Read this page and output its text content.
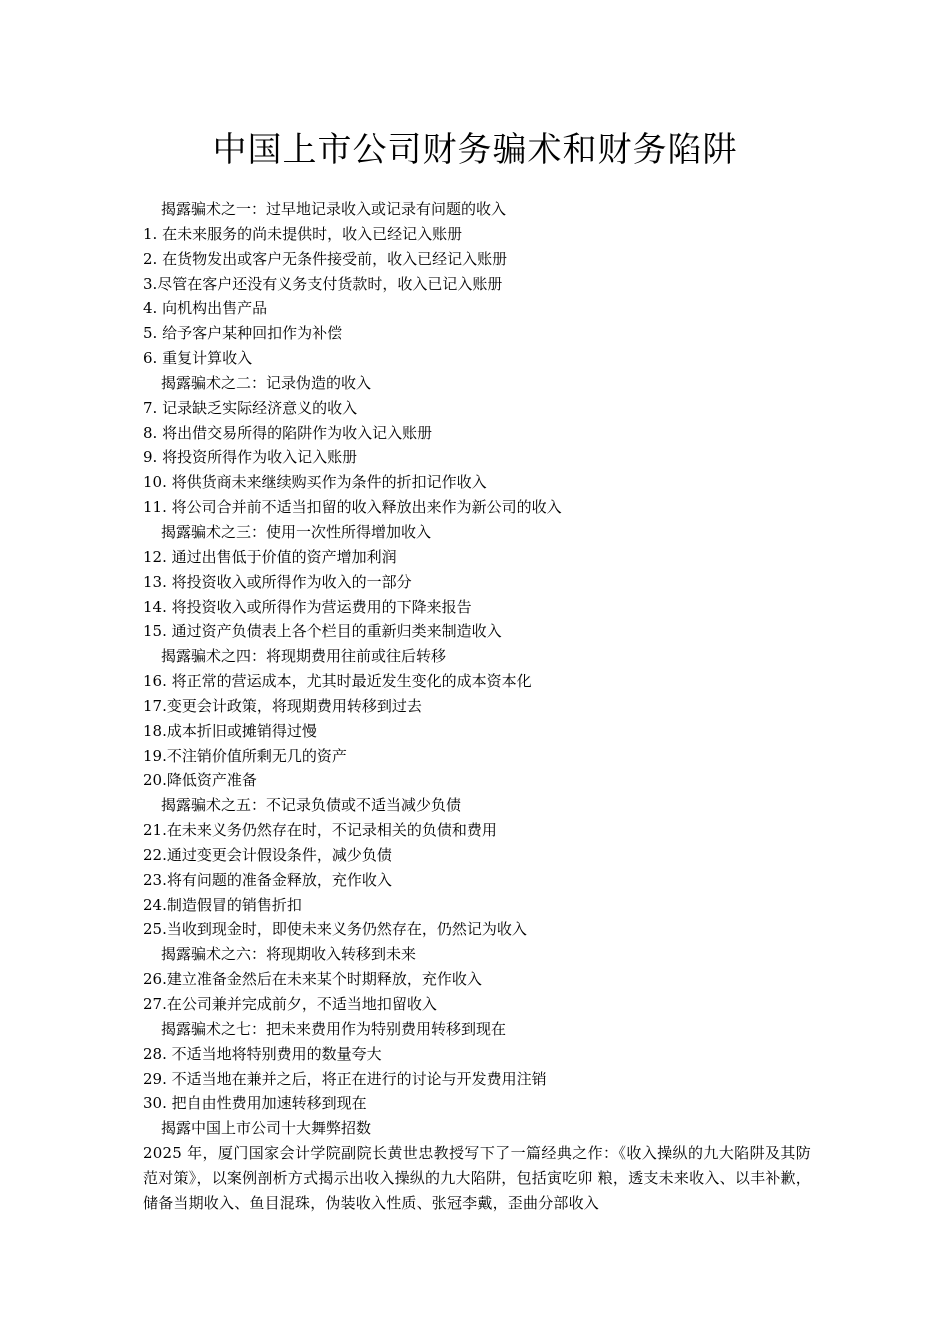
中国上市公司财务骗术和财务陷阱
揭露骗术之一：过早地记录收入或记录有问题的收入
1. 在未来服务的尚未提供时，收入已经记入账册
2. 在货物发出或客户无条件接受前，收入已经记入账册
3.尽管在客户还没有义务支付货款时，收入已记入账册
4. 向机构出售产品
5. 给予客户某种回扣作为补偿
6. 重复计算收入
揭露骗术之二：记录伪造的收入
7. 记录缺乏实际经济意义的收入
8. 将出借交易所得的陷阱作为收入记入账册
9. 将投资所得作为收入记入账册
10. 将供货商未来继续购买作为条件的折扣记作收入
11. 将公司合并前不适当扣留的收入释放出来作为新公司的收入
揭露骗术之三：使用一次性所得增加收入
12. 通过出售低于价值的资产增加利润
13. 将投资收入或所得作为收入的一部分
14. 将投资收入或所得作为营运费用的下降来报告
15. 通过资产负债表上各个栏目的重新归类来制造收入
揭露骗术之四：将现期费用往前或往后转移
16. 将正常的营运成本，尤其时最近发生变化的成本资本化
17.变更会计政策，将现期费用转移到过去
18.成本折旧或摊销得过慢
19.不注销价值所剩无几的资产
20.降低资产准备
揭露骗术之五：不记录负债或不适当减少负债
21.在未来义务仍然存在时，不记录相关的负债和费用
22.通过变更会计假设条件，减少负债
23.将有问题的准备金释放，充作收入
24.制造假冒的销售折扣
25.当收到现金时，即使未来义务仍然存在，仍然记为收入
揭露骗术之六：将现期收入转移到未来
26.建立准备金然后在未来某个时期释放，充作收入
27.在公司兼并完成前夕，不适当地扣留收入
揭露骗术之七：把未来费用作为特别费用转移到现在
28. 不适当地将特别费用的数量夸大
29. 不适当地在兼并之后，将正在进行的讨论与开发费用注销
30. 把自由性费用加速转移到现在
揭露中国上市公司十大舞弊招数
2025 年，厦门国家会计学院副院长黄世忠教授写下了一篇经典之作：《收入操纵的九大陷阱及其防范对策》，以案例剖析方式揭示出收入操纵的九大陷阱，包括寅吃卯 粮，透支未来收入、以丰补歉，储备当期收入、鱼目混珠，伪装收入性质、张冠李戴，歪曲分部收入
